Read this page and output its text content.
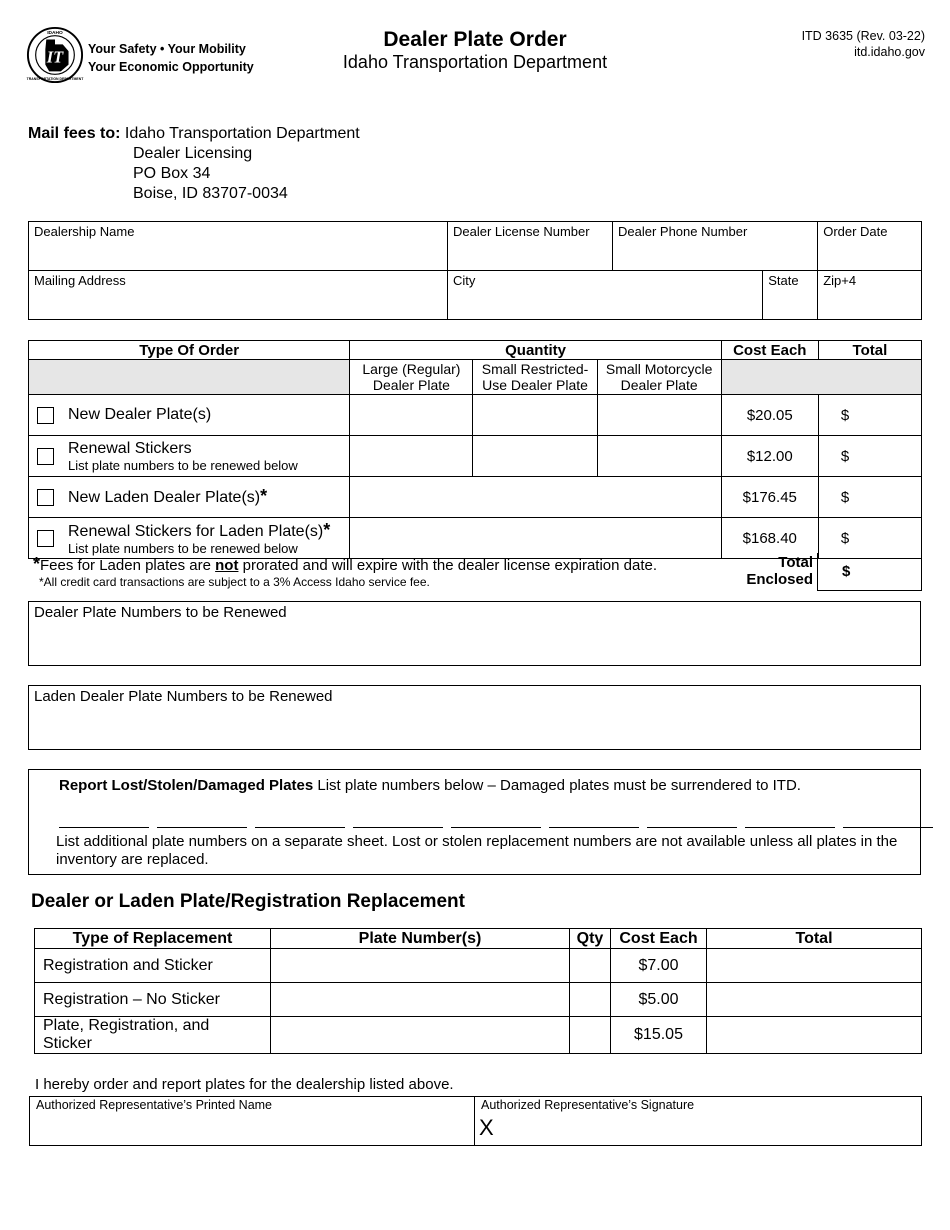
IT
IDAHO
TRANSPORTATION DEPARTMENT
Your Safety • Your Mobility
Your Economic Opportunity
Dealer Plate Order
Idaho Transportation Department
ITD 3635 (Rev. 03-22)
itd.idaho.gov
Mail fees to: Idaho Transportation Department
Dealer Licensing
PO Box 34
Boise, ID 83707-0034
Dealership Name	Dealer License Number	Dealer Phone Number		Order Date
Mailing Address	City		State	Zip+4
Type Of Order	Quantity			Cost Each	Total
	Large (Regular) Dealer Plate	Small Restricted-Use Dealer Plate	Small Motorcycle Dealer Plate		

New Dealer Plate(s)				$20.05	$

Renewal Stickers
List plate numbers to be renewed below				$12.00	$

New Laden Dealer Plate(s)*				$176.45	$

Renewal Stickers for Laden Plate(s)*
List plate numbers to be renewed below				$168.40	$
*Fees for Laden plates are not prorated and will expire with the dealer license expiration date.
*All credit card transactions are subject to a 3% Access Idaho service fee.
Total
Enclosed $
Dealer Plate Numbers to be Renewed
Laden Dealer Plate Numbers to be Renewed
Report Lost/Stolen/Damaged Plates List plate numbers below – Damaged plates must be surrendered to ITD.
List additional plate numbers on a separate sheet. Lost or stolen replacement numbers are not available unless all plates in the inventory are replaced.
Dealer or Laden Plate/Registration Replacement
Type of Replacement	Plate Number(s)	Qty	Cost Each	Total
Registration and Sticker			$7.00	
Registration – No Sticker			$5.00	
Plate, Registration, and Sticker			$15.05	
I hereby order and report plates for the dealership listed above.
Authorized Representative’s Printed Name	Authorized Representative’s Signature
X
